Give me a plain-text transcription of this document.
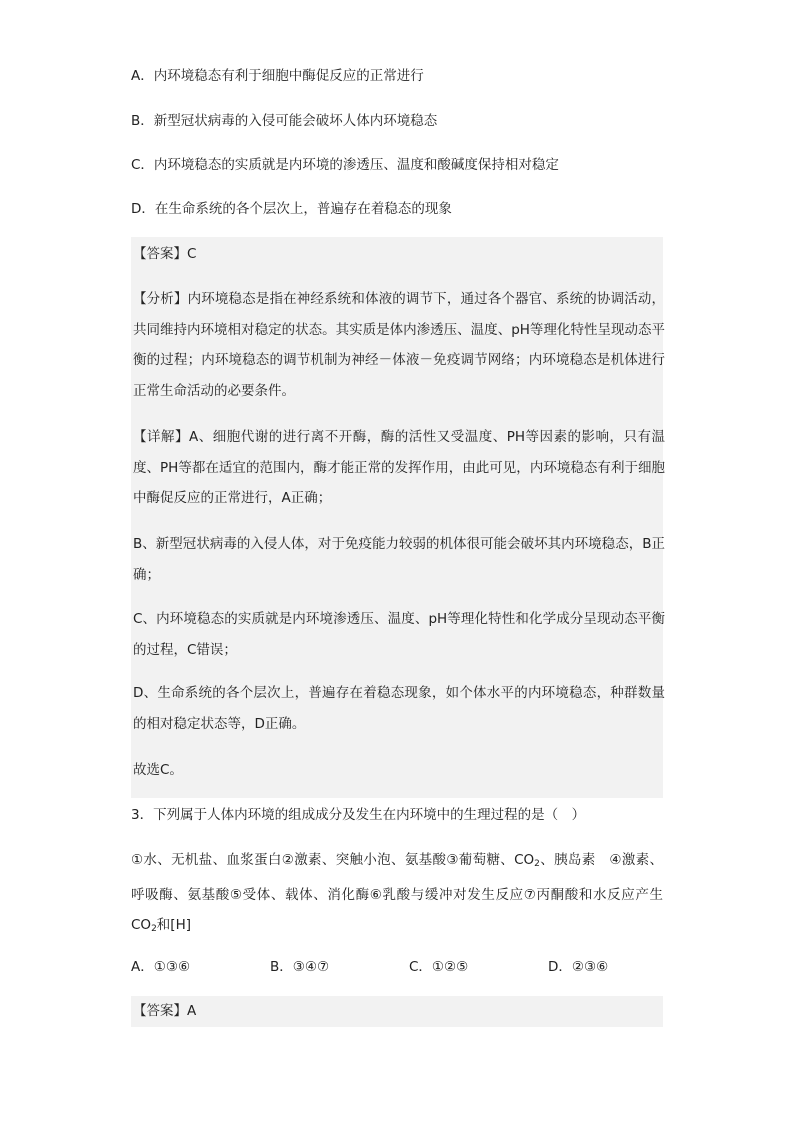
A．内环境稳态有利于细胞中酶促反应的正常进行
B．新型冠状病毒的入侵可能会破坏人体内环境稳态
C．内环境稳态的实质就是内环境的渗透压、温度和酸碱度保持相对稳定
D．在生命系统的各个层次上，普遍存在着稳态的现象
【答案】C
【分析】内环境稳态是指在神经系统和体液的调节下，通过各个器官、系统的协调活动，共同维持内环境相对稳定的状态。其实质是体内渗透压、温度、pH等理化特性呈现动态平衡的过程；内环境稳态的调节机制为神经－体液－免疫调节网络；内环境稳态是机体进行正常生命活动的必要条件。
【详解】A、细胞代谢的进行离不开酶，酶的活性又受温度、PH等因素的影响，只有温度、PH等都在适宜的范围内，酶才能正常的发挥作用，由此可见，内环境稳态有利于细胞中酶促反应的正常进行，A正确；
B、新型冠状病毒的入侵人体，对于免疫能力较弱的机体很可能会破坏其内环境稳态，B正确；
C、内环境稳态的实质就是内环境渗透压、温度、pH等理化特性和化学成分呈现动态平衡的过程，C错误；
D、生命系统的各个层次上，普遍存在着稳态现象，如个体水平的内环境稳态，种群数量的相对稳定状态等，D正确。
故选C。
3．下列属于人体内环境的组成成分及发生在内环境中的生理过程的是（　）
①水、无机盐、血浆蛋白②激素、突触小泡、氨基酸③葡萄糖、$CO_2$、胰岛素　④激素、呼吸酶、氨基酸⑤受体、载体、消化酶⑥乳酸与缓冲对发生反应⑦丙酮酸和水反应产生 $CO_2$和[H]
A．①③⑥	B．③④⑦	C．①②⑤	D．②③⑥
【答案】A
